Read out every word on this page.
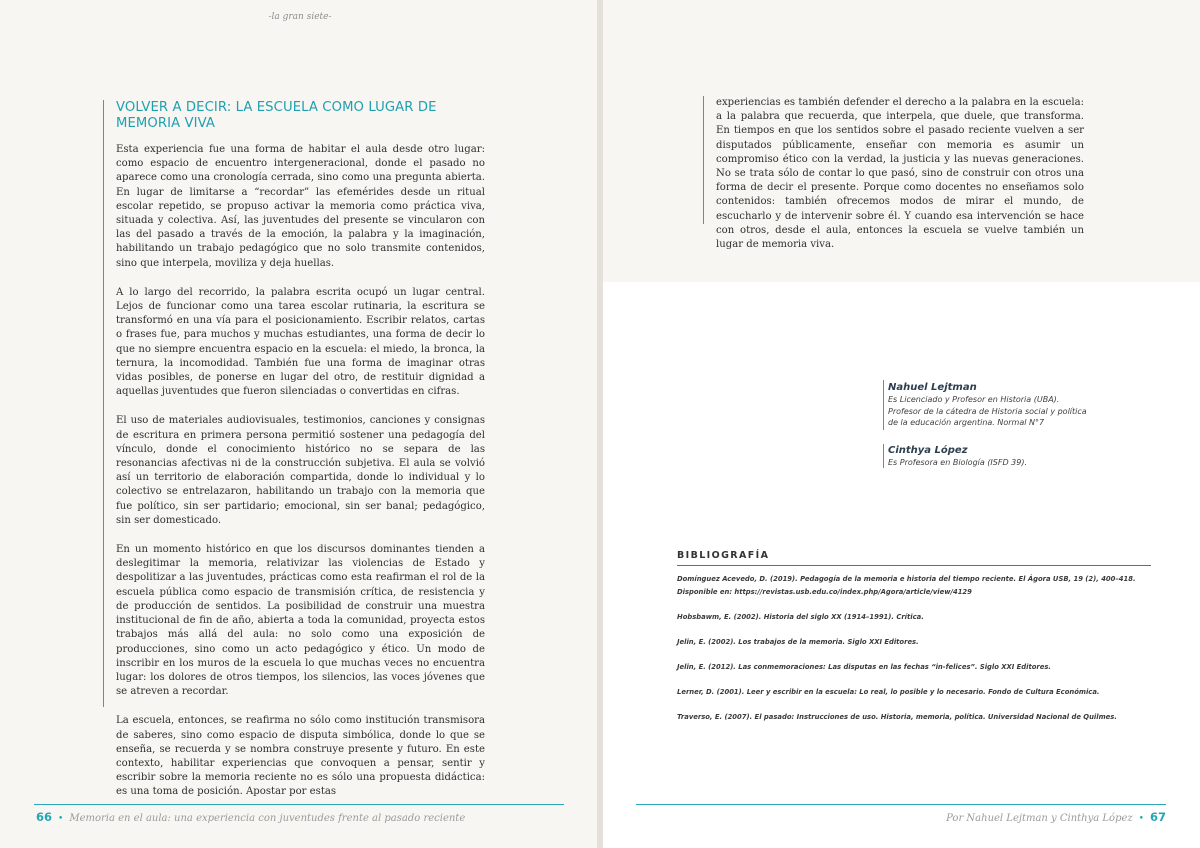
-la gran siete-
VOLVER A DECIR: LA ESCUELA COMO LUGAR DE MEMORIA VIVA

Esta experiencia fue una forma de habitar el aula desde otro lugar: como espacio de encuentro intergeneracional, donde el pasado no aparece como una cronología cerrada, sino como una pregunta abierta. En lugar de limitarse a “recordar” las efemérides desde un ritual escolar repetido, se propuso activar la memoria como práctica viva, situada y colectiva. Así, las juventudes del presente se vincularon con las del pasado a través de la emoción, la palabra y la imaginación, habilitando un trabajo pedagógico que no solo transmite contenidos, sino que interpela, moviliza y deja huellas.

A lo largo del recorrido, la palabra escrita ocupó un lugar central. Lejos de funcionar como una tarea escolar rutinaria, la escritura se transformó en una vía para el posicionamiento. Escribir relatos, cartas o frases fue, para muchos y muchas estudiantes, una forma de decir lo que no siempre encuentra espacio en la escuela: el miedo, la bronca, la ternura, la incomodidad. También fue una forma de imaginar otras vidas posibles, de ponerse en lugar del otro, de restituir dignidad a aquellas juventudes que fueron silenciadas o convertidas en cifras.

El uso de materiales audiovisuales, testimonios, canciones y consignas de escritura en primera persona permitió sostener una pedagogía del vínculo, donde el conocimiento histórico no se separa de las resonancias afectivas ni de la construcción subjetiva. El aula se volvió así un territorio de elaboración compartida, donde lo individual y lo colectivo se entrelazaron, habilitando un trabajo con la memoria que fue político, sin ser partidario; emocional, sin ser banal; pedagógico, sin ser domesticado.

En un momento histórico en que los discursos dominantes tienden a deslegitimar la memoria, relativizar las violencias de Estado y despolitizar a las juventudes, prácticas como esta reafirman el rol de la escuela pública como espacio de transmisión crítica, de resistencia y de producción de sentidos. La posibilidad de construir una muestra institucional de fin de año, abierta a toda la comunidad, proyecta estos trabajos más allá del aula: no solo como una exposición de producciones, sino como un acto pedagógico y ético. Un modo de inscribir en los muros de la escuela lo que muchas veces no encuentra lugar: los dolores de otros tiempos, los silencios, las voces jóvenes que se atreven a recordar.

La escuela, entonces, se reafirma no sólo como institución transmisora de saberes, sino como espacio de disputa simbólica, donde lo que se enseña, se recuerda y se nombra construye presente y futuro. En este contexto, habilitar experiencias que convoquen a pensar, sentir y escribir sobre la memoria reciente no es sólo una propuesta didáctica: es una toma de posición. Apostar por estas

66 • Memoria en el aula: una experiencia con juventudes frente al pasado reciente
experiencias es también defender el derecho a la palabra en la escuela: a la palabra que recuerda, que interpela, que duele, que transforma. En tiempos en que los sentidos sobre el pasado reciente vuelven a ser disputados públicamente, enseñar con memoria es asumir un compromiso ético con la verdad, la justicia y las nuevas generaciones. No se trata sólo de contar lo que pasó, sino de construir con otros una forma de decir el presente. Porque como docentes no enseñamos solo contenidos: también ofrecemos modos de mirar el mundo, de escucharlo y de intervenir sobre él. Y cuando esa intervención se hace con otros, desde el aula, entonces la escuela se vuelve también un lugar de memoria viva.
Nahuel Lejtman
Es Licenciado y Profesor en Historia (UBA).
Profesor de la cátedra de Historia social y política
de la educación argentina. Normal N°7
Cinthya López
Es Profesora en Biología (ISFD 39).
BIBLIOGRAFÍA
Domínguez Acevedo, D. (2019). Pedagogía de la memoria e historia del tiempo reciente. El Ágora USB, 19 (2), 400–418. Disponible en: https://revistas.usb.edu.co/index.php/Agora/article/view/4129
Hobsbawm, E. (2002). Historia del siglo XX (1914–1991). Crítica.
Jelin, E. (2002). Los trabajos de la memoria. Siglo XXI Editores.
Jelin, E. (2012). Las conmemoraciones: Las disputas en las fechas “in-felices”. Siglo XXI Editores.
Lerner, D. (2001). Leer y escribir en la escuela: Lo real, lo posible y lo necesario. Fondo de Cultura Económica.
Traverso, E. (2007). El pasado: Instrucciones de uso. Historia, memoria, política. Universidad Nacional de Quilmes.
Por Nahuel Lejtman y Cinthya López • 67
